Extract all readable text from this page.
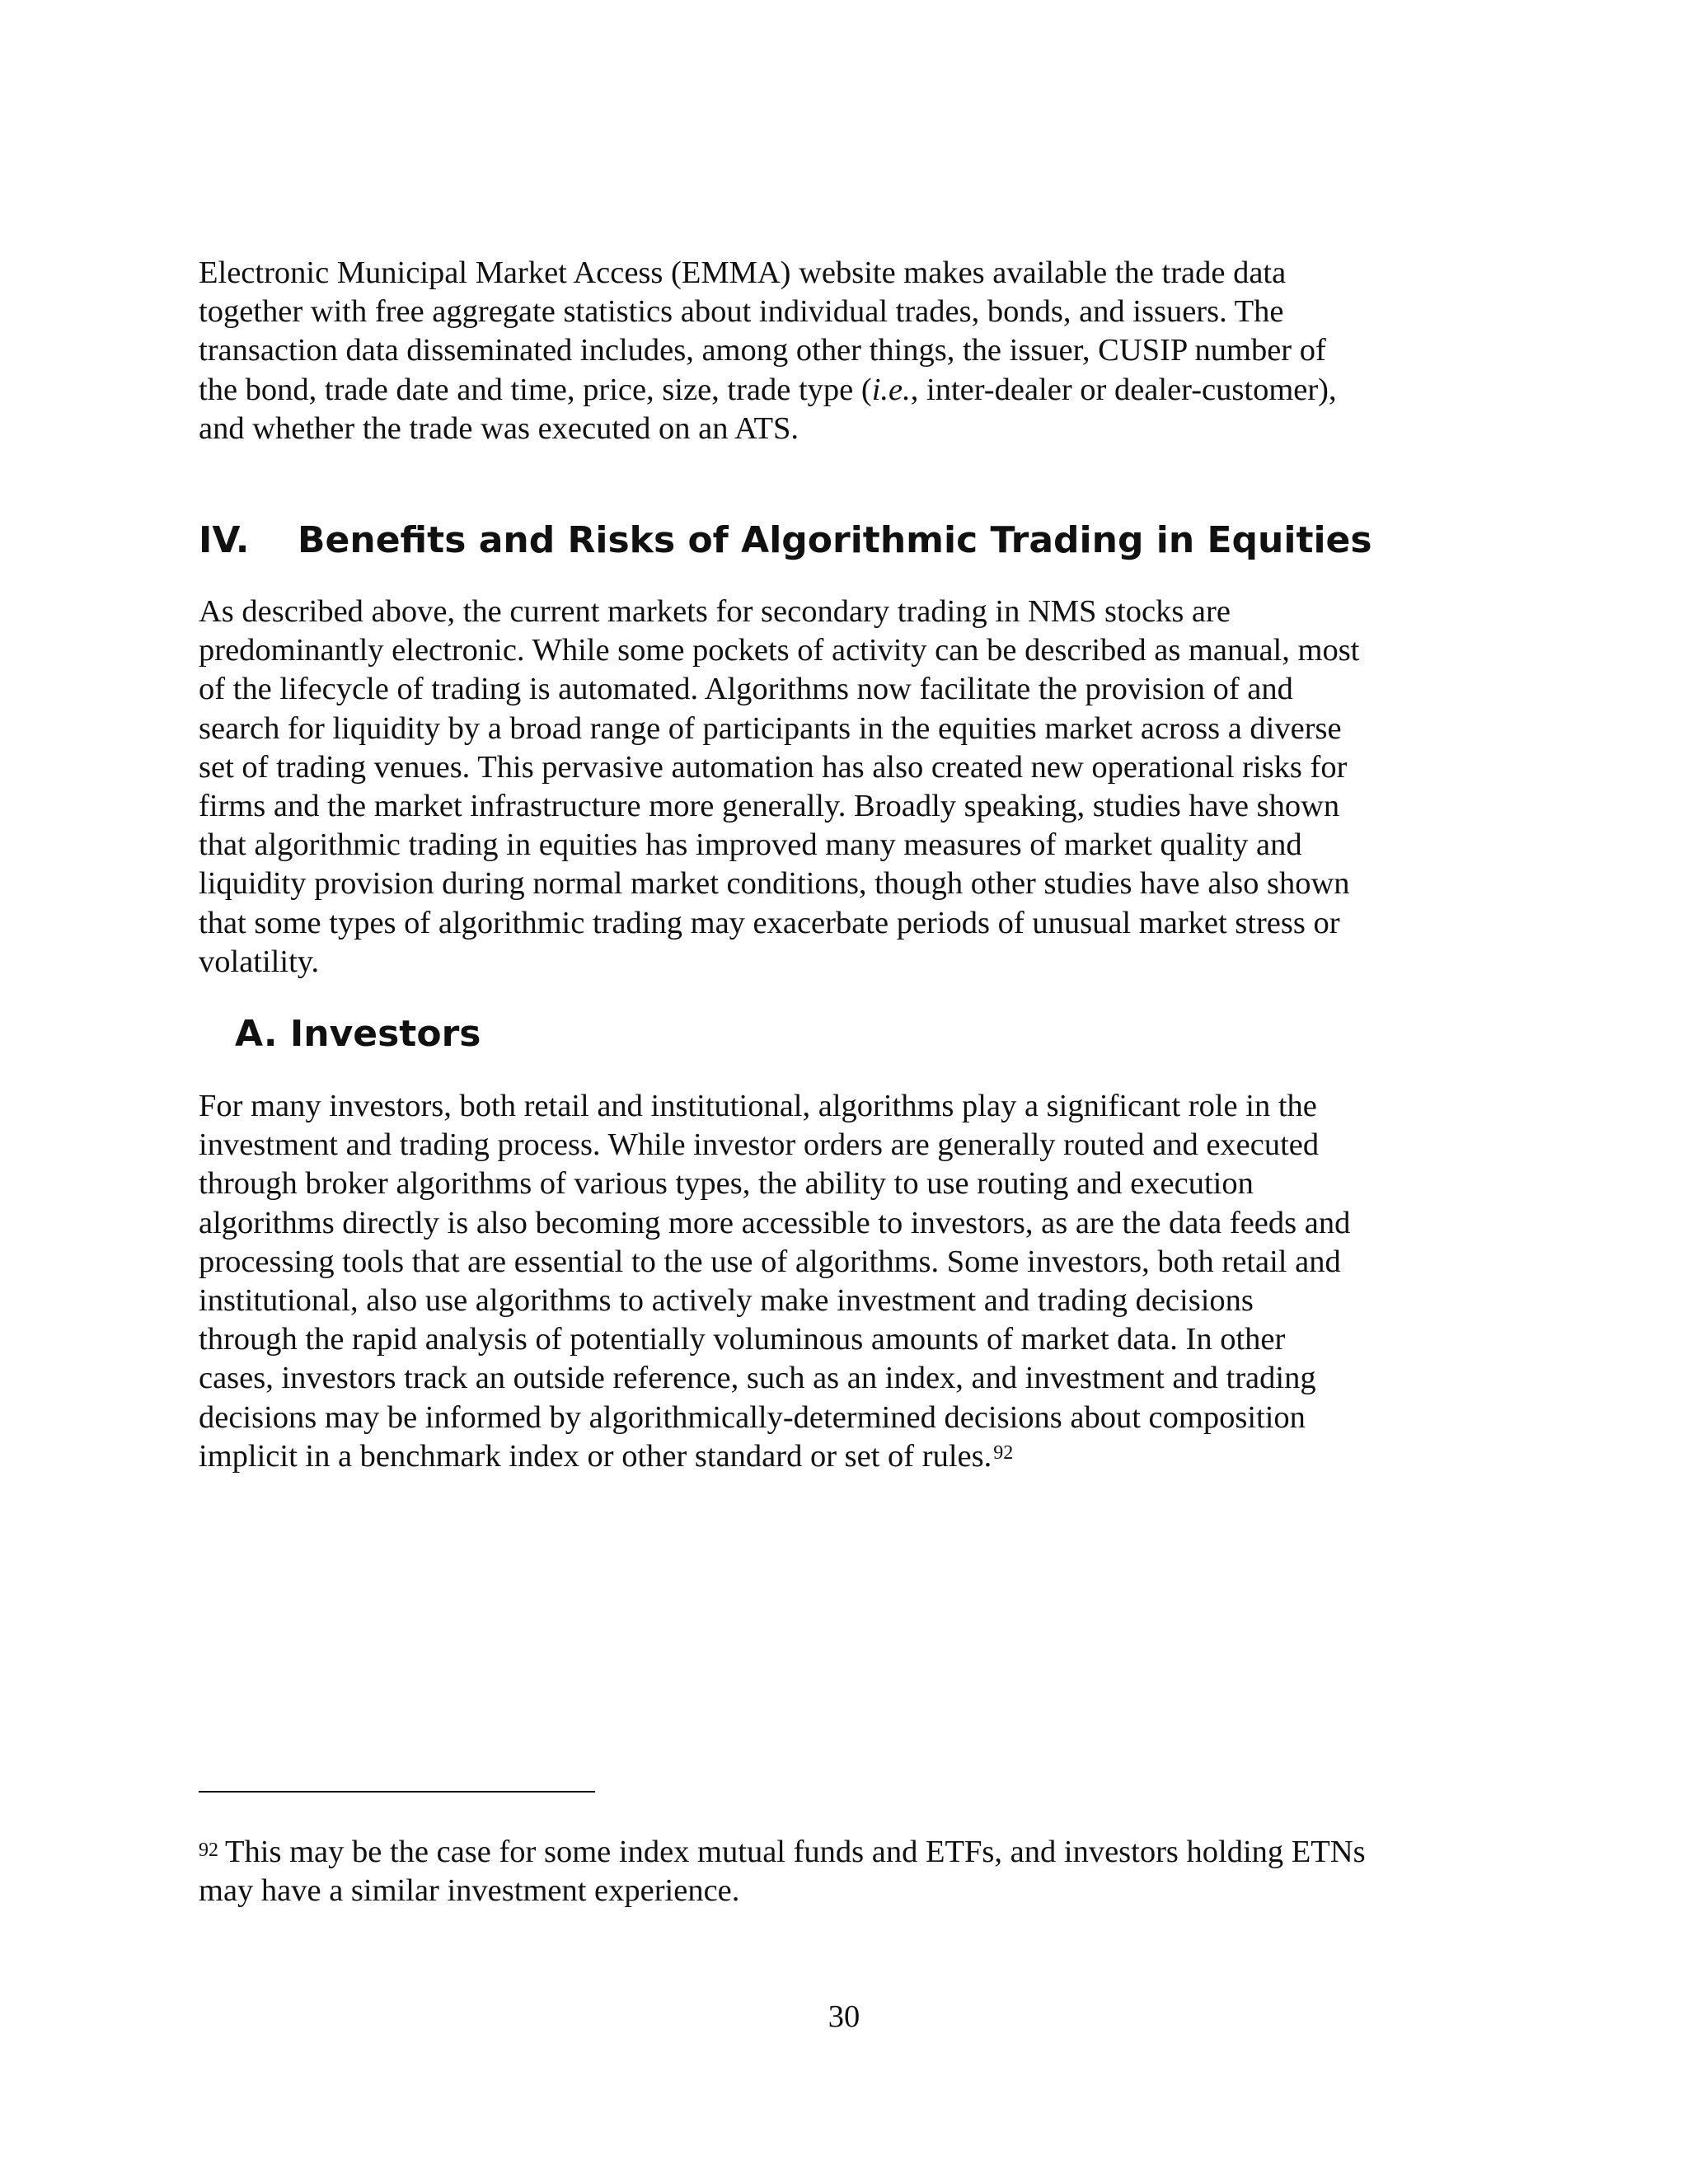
Electronic Municipal Market Access (EMMA) website makes available the trade data
together with free aggregate statistics about individual trades, bonds, and issuers. The
transaction data disseminated includes, among other things, the issuer, CUSIP number of
the bond, trade date and time, price, size, trade type (i.e., inter-dealer or dealer-customer),
and whether the trade was executed on an ATS.

IV. Benefits and Risks of Algorithmic Trading in Equities

As described above, the current markets for secondary trading in NMS stocks are
predominantly electronic. While some pockets of activity can be described as manual, most
of the lifecycle of trading is automated. Algorithms now facilitate the provision of and
search for liquidity by a broad range of participants in the equities market across a diverse
set of trading venues. This pervasive automation has also created new operational risks for
firms and the market infrastructure more generally. Broadly speaking, studies have shown
that algorithmic trading in equities has improved many measures of market quality and
liquidity provision during normal market conditions, though other studies have also shown
that some types of algorithmic trading may exacerbate periods of unusual market stress or
volatility.

A. Investors

For many investors, both retail and institutional, algorithms play a significant role in the
investment and trading process. While investor orders are generally routed and executed
through broker algorithms of various types, the ability to use routing and execution
algorithms directly is also becoming more accessible to investors, as are the data feeds and
processing tools that are essential to the use of algorithms. Some investors, both retail and
institutional, also use algorithms to actively make investment and trading decisions
through the rapid analysis of potentially voluminous amounts of market data. In other
cases, investors track an outside reference, such as an index, and investment and trading
decisions may be informed by algorithmically-determined decisions about composition
implicit in a benchmark index or other standard or set of rules.$^{92}$

$^{92}$ This may be the case for some index mutual funds and ETFs, and investors holding ETNs
may have a similar investment experience.

30
